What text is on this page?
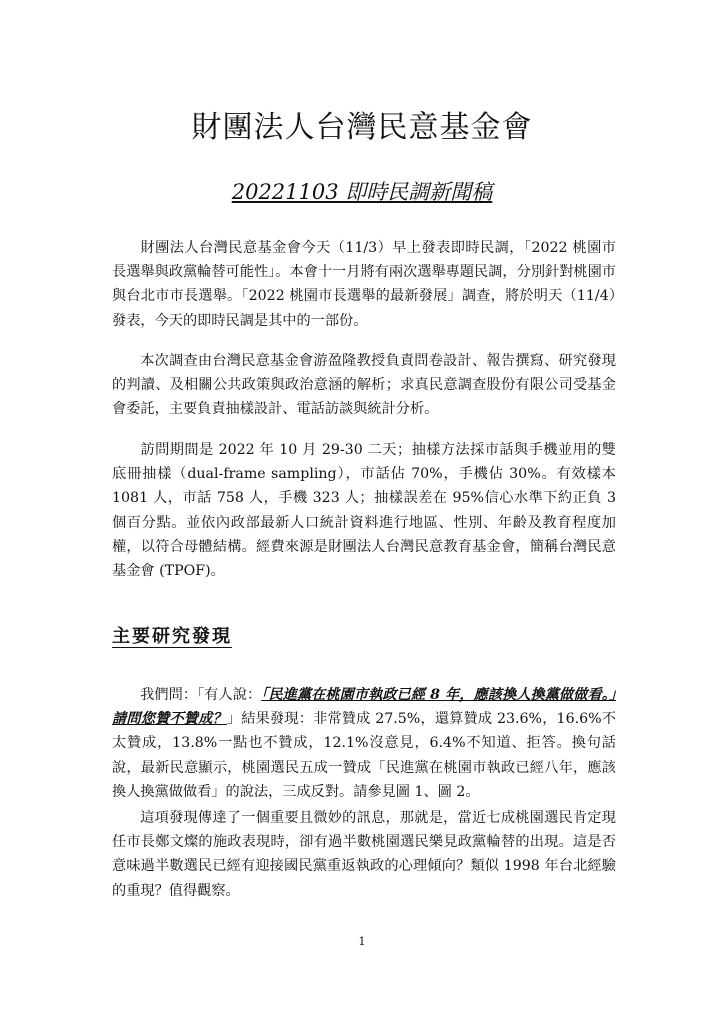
財團法人台灣民意基金會
20221103 即時民調新聞稿

財團法人台灣民意基金會今天（11/3）早上發表即時民調，「2022 桃園市長選舉與政黨輪替可能性」。本會十一月將有兩次選舉專題民調，分別針對桃園市與台北市市長選舉。「2022 桃園市長選舉的最新發展」調查，將於明天（11/4）發表，今天的即時民調是其中的一部份。

本次調查由台灣民意基金會游盈隆教授負責問卷設計、報告撰寫、研究發現的判讀、及相關公共政策與政治意涵的解析；求真民意調查股份有限公司受基金會委託，主要負責抽樣設計、電話訪談與統計分析。

訪問期間是 2022 年 10 月 29-30 二天；抽樣方法採市話與手機並用的雙底冊抽樣（dual-frame sampling），市話佔 70%，手機佔 30%。有效樣本 1081 人，市話 758 人，手機 323 人；抽樣誤差在 95%信心水準下約正負 3 個百分點。並依內政部最新人口統計資料進行地區、性別、年齡及教育程度加權，以符合母體結構。經費來源是財團法人台灣民意教育基金會，簡稱台灣民意基金會 (TPOF)。

主要研究發現

我們問：「有人說：「民進黨在桃園市執政已經 8 年，應該換人換黨做做看。」請問您贊不贊成？」結果發現：非常贊成 27.5%，還算贊成 23.6%，16.6%不太贊成，13.8%一點也不贊成，12.1%沒意見，6.4%不知道、拒答。換句話說，最新民意顯示，桃園選民五成一贊成「民進黨在桃園市執政已經八年，應該換人換黨做做看」的說法，三成反對。請參見圖 1、圖 2。

這項發現傳達了一個重要且微妙的訊息，那就是，當近七成桃園選民肯定現任市長鄭文燦的施政表現時，卻有過半數桃園選民樂見政黨輪替的出現。這是否意味過半數選民已經有迎接國民黨重返執政的心理傾向？類似 1998 年台北經驗的重現？值得觀察。

1
